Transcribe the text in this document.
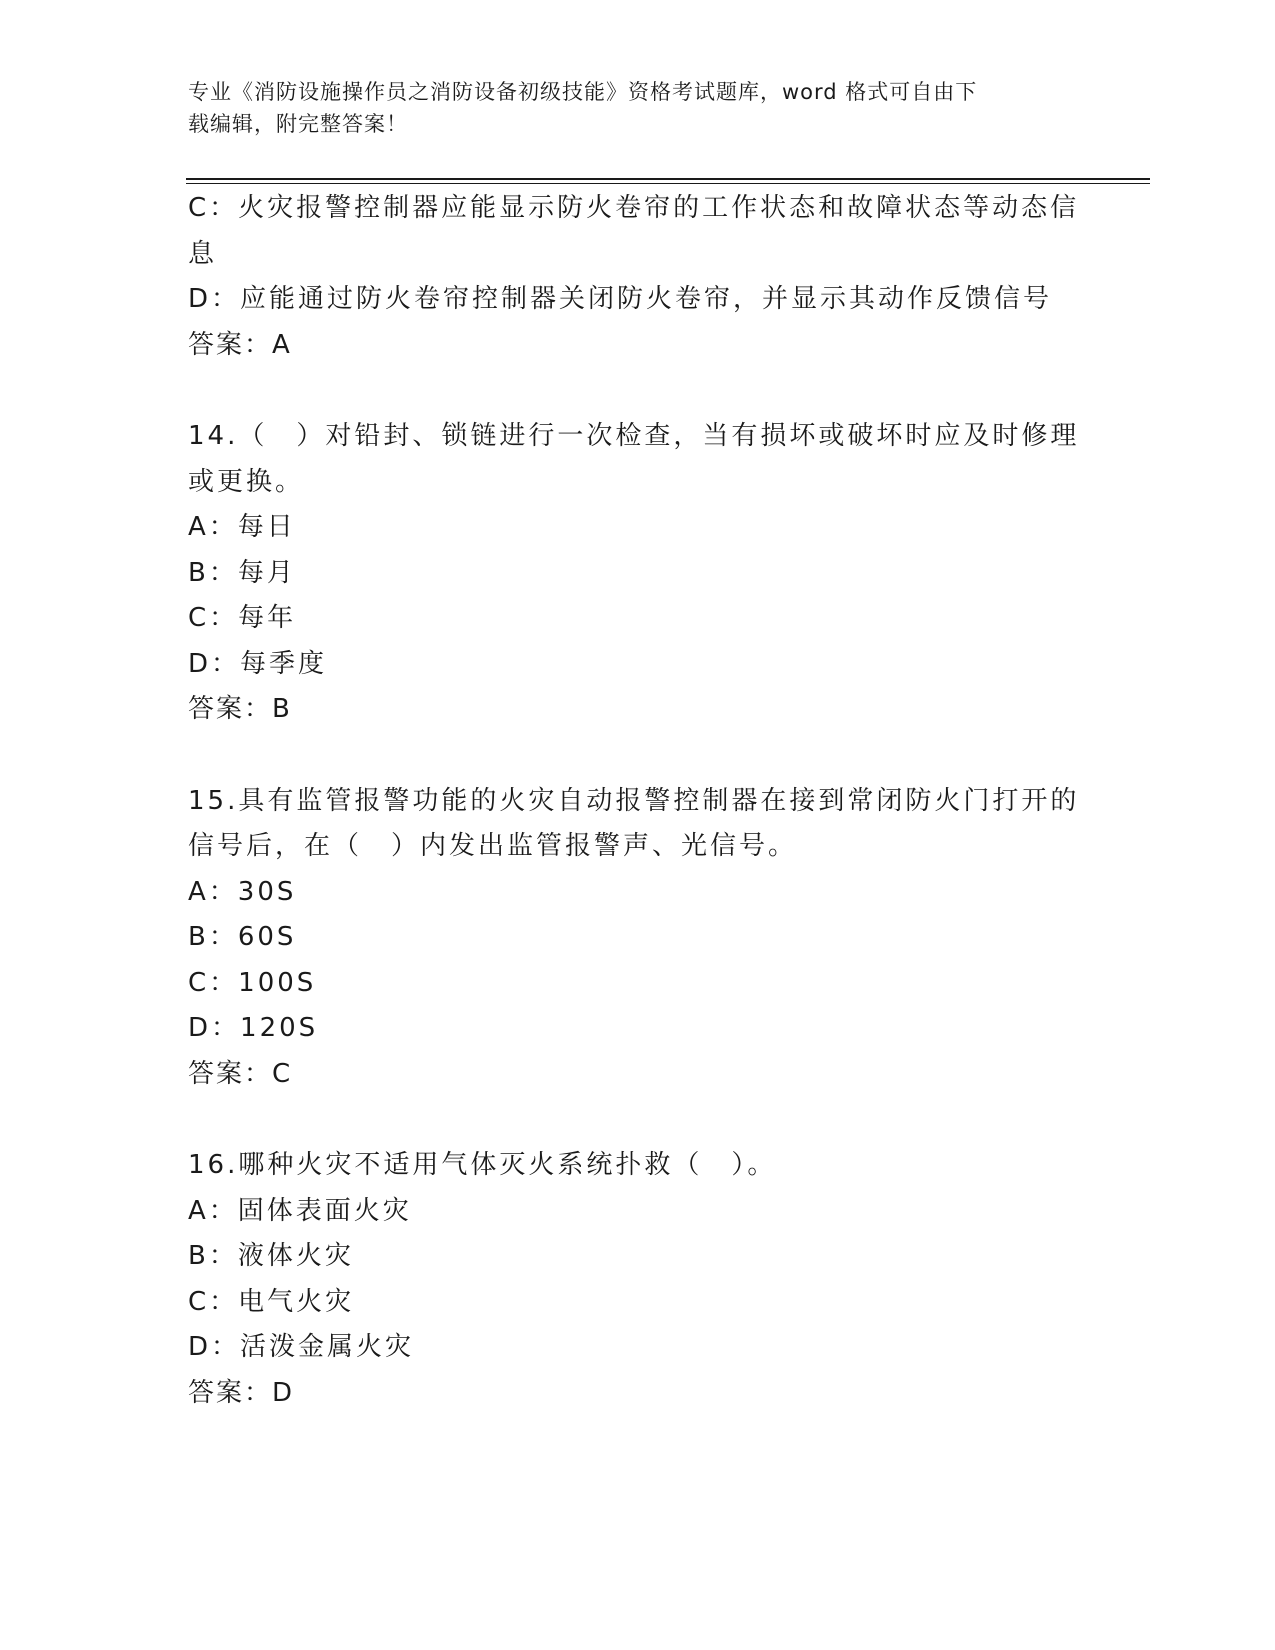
专业《消防设施操作员之消防设备初级技能》资格考试题库，word 格式可自由下
载编辑，附完整答案！
C：火灾报警控制器应能显示防火卷帘的工作状态和故障状态等动态信
息
D：应能通过防火卷帘控制器关闭防火卷帘，并显示其动作反馈信号
答案：A
14.（　）对铅封、锁链进行一次检查，当有损坏或破坏时应及时修理
或更换。
A：每日
B：每月
C：每年
D：每季度
答案：B
15.具有监管报警功能的火灾自动报警控制器在接到常闭防火门打开的
信号后，在（　）内发出监管报警声、光信号。
A：30S
B：60S
C：100S
D：120S
答案：C
16.哪种火灾不适用气体灭火系统扑救（　）。
A：固体表面火灾
B：液体火灾
C：电气火灾
D：活泼金属火灾
答案：D
